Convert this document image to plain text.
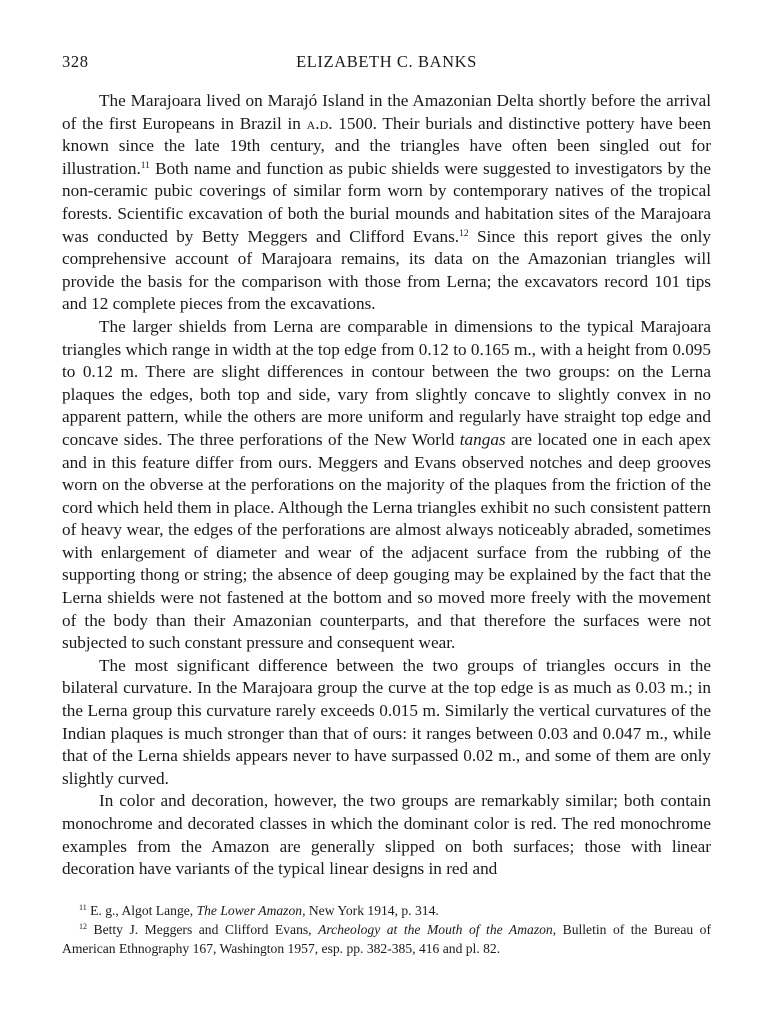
328	ELIZABETH C. BANKS

The Marajoara lived on Marajó Island in the Amazonian Delta shortly before the arrival of the first Europeans in Brazil in a.d. 1500. Their burials and distinctive pottery have been known since the late 19th century, and the triangles have often been singled out for illustration.$^{11}$ Both name and function as pubic shields were suggested to investigators by the non-ceramic pubic coverings of similar form worn by contemporary natives of the tropical forests. Scientific excavation of both the burial mounds and habitation sites of the Marajoara was conducted by Betty Meggers and Clifford Evans.$^{12}$ Since this report gives the only comprehensive account of Marajoara remains, its data on the Amazonian triangles will provide the basis for the comparison with those from Lerna; the excavators record 101 tips and 12 complete pieces from the excavations.

The larger shields from Lerna are comparable in dimensions to the typical Marajoara triangles which range in width at the top edge from 0.12 to 0.165 m., with a height from 0.095 to 0.12 m. There are slight differences in contour between the two groups: on the Lerna plaques the edges, both top and side, vary from slightly concave to slightly convex in no apparent pattern, while the others are more uniform and regularly have straight top edge and concave sides. The three perforations of the New World tangas are located one in each apex and in this feature differ from ours. Meggers and Evans observed notches and deep grooves worn on the obverse at the perforations on the majority of the plaques from the friction of the cord which held them in place. Although the Lerna triangles exhibit no such consistent pattern of heavy wear, the edges of the perforations are almost always noticeably abraded, sometimes with enlargement of diameter and wear of the adjacent surface from the rubbing of the supporting thong or string; the absence of deep gouging may be explained by the fact that the Lerna shields were not fastened at the bottom and so moved more freely with the movement of the body than their Amazonian counterparts, and that therefore the surfaces were not subjected to such constant pressure and consequent wear.

The most significant difference between the two groups of triangles occurs in the bilateral curvature. In the Marajoara group the curve at the top edge is as much as 0.03 m.; in the Lerna group this curvature rarely exceeds 0.015 m. Similarly the vertical curvatures of the Indian plaques is much stronger than that of ours: it ranges between 0.03 and 0.047 m., while that of the Lerna shields appears never to have surpassed 0.02 m., and some of them are only slightly curved.

In color and decoration, however, the two groups are remarkably similar; both contain monochrome and decorated classes in which the dominant color is red. The red monochrome examples from the Amazon are generally slipped on both surfaces; those with linear decoration have variants of the typical linear designs in red and

$^{11}$ E. g., Algot Lange, The Lower Amazon, New York 1914, p. 314.

$^{12}$ Betty J. Meggers and Clifford Evans, Archeology at the Mouth of the Amazon, Bulletin of the Bureau of American Ethnography 167, Washington 1957, esp. pp. 382-385, 416 and pl. 82.
